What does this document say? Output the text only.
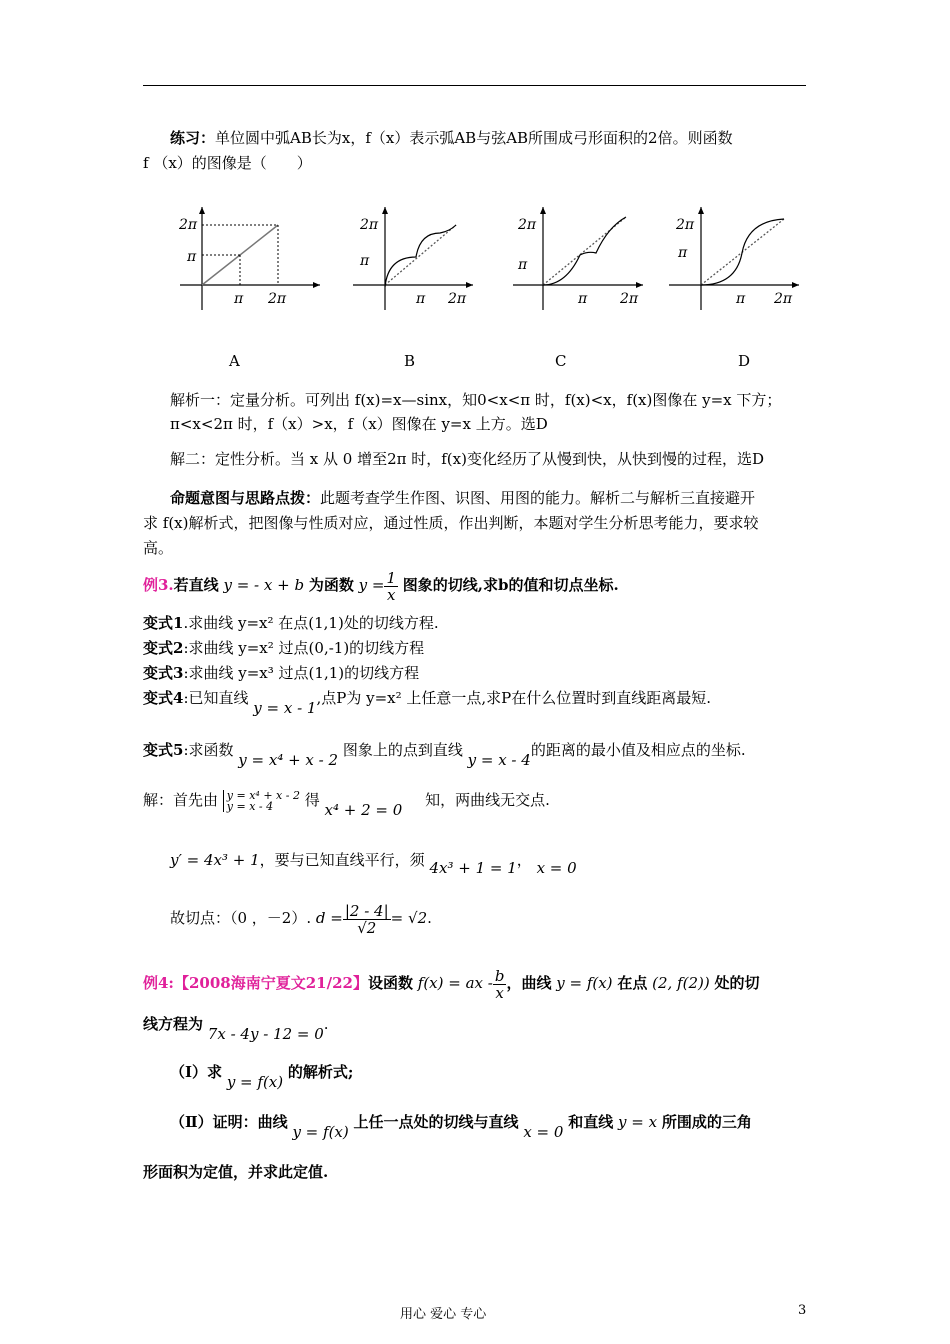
练习：单位圆中弧AB长为x，f（x）表示弧AB与弦AB所围成弓形面积的2倍。则函数
f （x）的图像是（　　）
2π
π
π 2π
2π
π
π 2π
2π
π
π 2π
2π
π
π 2π
A	B	C	D
解析一：定量分析。可列出 f(x)=x—sinx，知0<x<π 时，f(x)<x，f(x)图像在 y=x 下方；
π<x<2π 时，f（x）>x，f（x）图像在 y=x 上方。选D
解二：定性分析。当 x 从 0 增至2π 时，f(x)变化经历了从慢到快，从快到慢的过程，选D
命题意图与思路点拨：此题考查学生作图、识图、用图的能力。解析二与解析三直接避开
求 f(x)解析式，把图像与性质对应，通过性质，作出判断，本题对学生分析思考能力，要求较
高。
例3.若直线 y = - x + b 为函数 $y = \frac{1}{x}$ 图象的切线,求b的值和切点坐标.
变式1.求曲线 y=x² 在点(1,1)处的切线方程.
变式2:求曲线 y=x² 过点(0,-1)的切线方程
变式3:求曲线 y=x³ 过点(1,1)的切线方程
变式4:已知直线 y = x - 1,点P为 y=x² 上任意一点,求P在什么位置时到直线距离最短.
变式5:求函数 y = x⁴ + x - 2 图象上的点到直线 y = x - 4的距离的最小值及相应点的坐标.
解：首先由 y = x⁴ + x - 2
y = x - 4	得 x⁴ + 2 = 0 知，两曲线无交点.
y′ = 4x³ + 1，要与已知直线平行，须 4x³ + 1 = 1， x = 0
故切点：（0 ，－2）. $d = \frac{|2 - 4|}{√2} = √2$.
例4:【2008海南宁夏文21/22】设函数 f(x) = ax - $\frac{b}{x}$ ，曲线 y = f(x) 在点 (2, f(2)) 处的切
线方程为 7x - 4y - 12 = 0.
（Ⅰ）求 y = f(x) 的解析式;
（Ⅱ）证明：曲线 y = f(x) 上任一点处的切线与直线 x = 0 和直线 y = x 所围成的三角
形面积为定值，并求此定值.
用心 爱心 专心	3
